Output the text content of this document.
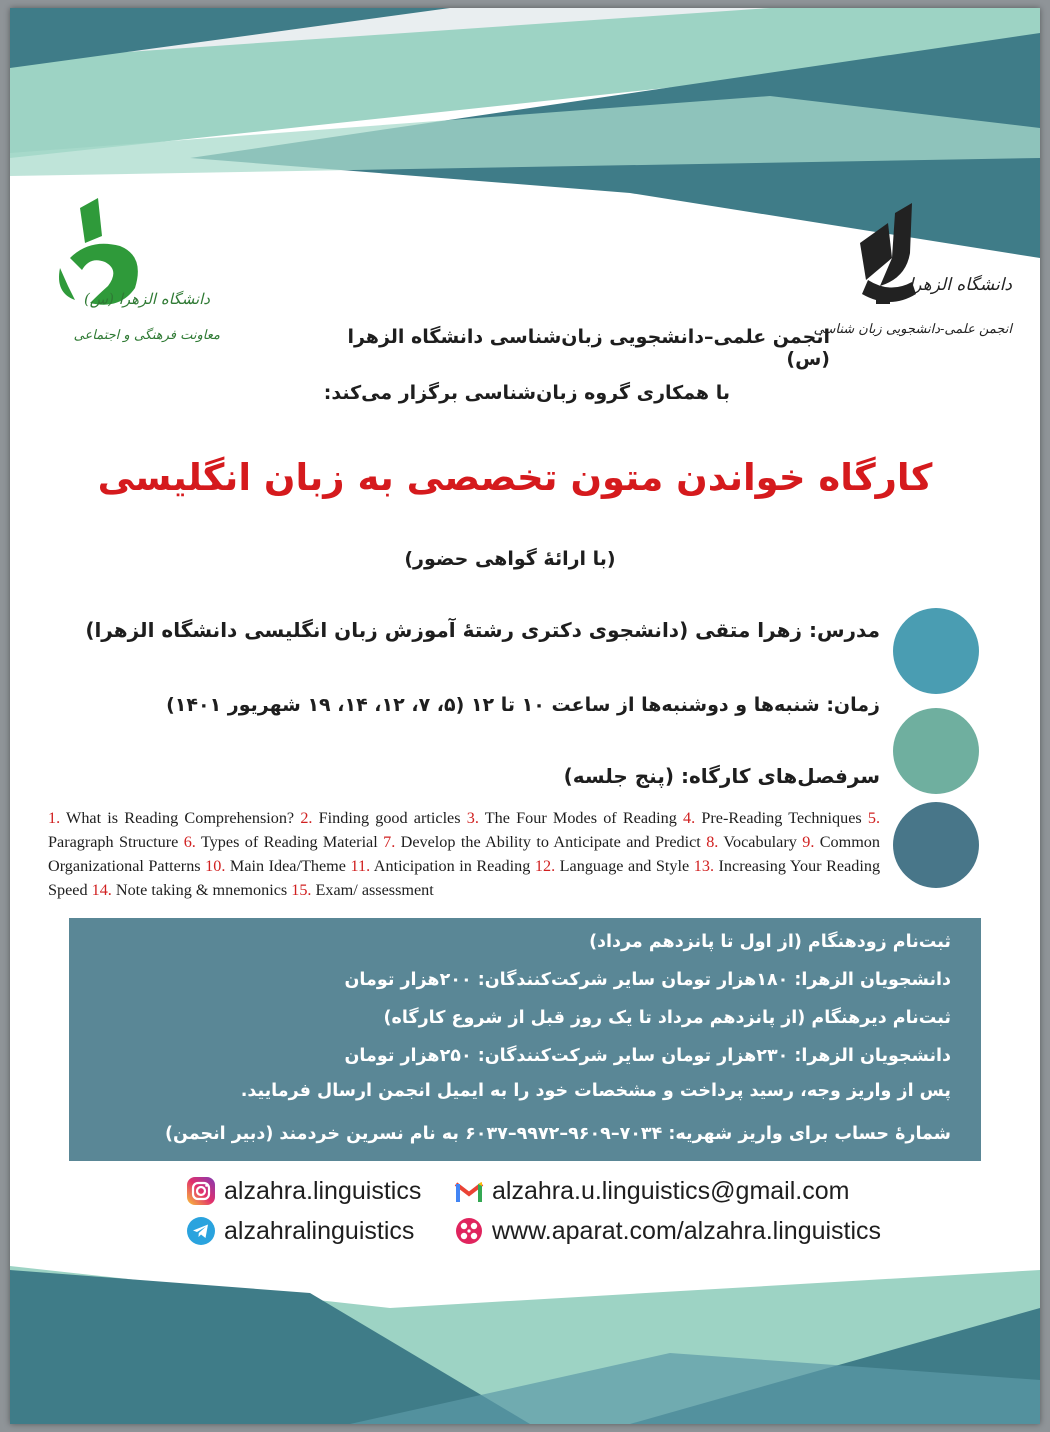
دانشگاه الزهرا (س)
معاونت فرهنگی و اجتماعی
دانشگاه الزهرا
انجمن علمی-دانشجویی زبان شناسی
انجمن علمی–دانشجویی زبان‌شناسی دانشگاه الزهرا (س)
با همکاری گروه زبان‌شناسی برگزار می‌کند:
کارگاه خواندن متون تخصصی به زبان انگلیسی
(با ارائهٔ گواهی حضور)
مدرس: زهرا متقی (دانشجوی دکتری رشتهٔ آموزش زبان انگلیسی دانشگاه الزهرا)
زمان: شنبه‌ها و دوشنبه‌ها از ساعت ۱۰ تا ۱۲ (۵، ۷، ۱۲، ۱۴، ۱۹ شهریور ۱۴۰۱)
سرفصل‌های کارگاه: (پنج جلسه)
1. What is Reading Comprehension? 2. Finding good articles 3. The Four Modes of Reading 4. Pre-Reading Techniques 5. Paragraph Structure 6. Types of Reading Material 7. Develop the Ability to Anticipate and Predict 8. Vocabulary 9. Common Organizational Patterns 10. Main Idea/Theme 11. Anticipation in Reading 12. Language and Style 13. Increasing Your Reading Speed 14. Note taking & mnemonics 15. Exam/ assessment
ثبت‌نام زودهنگام (از اول تا پانزدهم مرداد)
دانشجویان الزهرا: ۱۸۰هزار تومان سایر شرکت‌کنندگان: ۲۰۰هزار تومان
ثبت‌نام دیرهنگام (از پانزدهم مرداد تا یک روز قبل از شروع کارگاه)
دانشجویان الزهرا: ۲۳۰هزار تومان سایر شرکت‌کنندگان: ۲۵۰هزار تومان
پس از واریز وجه، رسید پرداخت و مشخصات خود را به ایمیل انجمن ارسال فرمایید.
شمارهٔ حساب برای واریز شهریه: ۷۰۳۴–۹۶۰۹–۹۹۷۲–۶۰۳۷ به نام نسرین خردمند (دبیر انجمن)
alzahra.linguistics	alzahra.u.linguistics@gmail.com
alzahralinguistics	www.aparat.com/alzahra.linguistics
